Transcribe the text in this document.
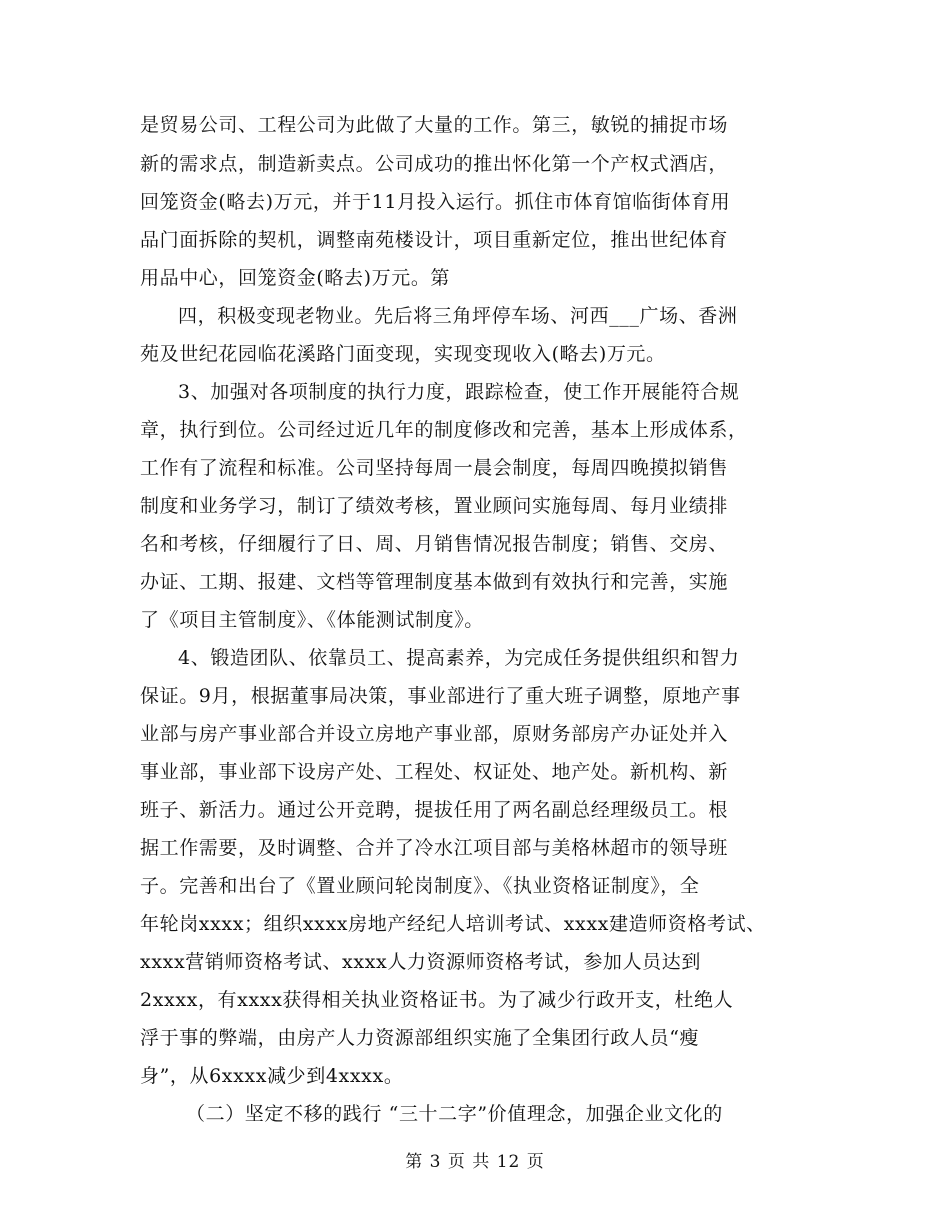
是贸易公司、工程公司为此做了大量的工作。第三，敏锐的捕捉市场
新的需求点，制造新卖点。公司成功的推出怀化第一个产权式酒店，
回笼资金(略去)万元，并于11月投入运行。抓住市体育馆临街体育用
品门面拆除的契机，调整南苑楼设计，项目重新定位，推出世纪体育
用品中心，回笼资金(略去)万元。第
四，积极变现老物业。先后将三角坪停车场、河西___广场、香洲
苑及世纪花园临花溪路门面变现，实现变现收入(略去)万元。
3、加强对各项制度的执行力度，跟踪检查，使工作开展能符合规
章，执行到位。公司经过近几年的制度修改和完善，基本上形成体系，
工作有了流程和标准。公司坚持每周一晨会制度，每周四晚摸拟销售
制度和业务学习，制订了绩效考核，置业顾问实施每周、每月业绩排
名和考核，仔细履行了日、周、月销售情况报告制度；销售、交房、
办证、工期、报建、文档等管理制度基本做到有效执行和完善，实施
了《项目主管制度》、《体能测试制度》。
4、锻造团队、依靠员工、提高素养，为完成任务提供组织和智力
保证。9月，根据董事局决策，事业部进行了重大班子调整，原地产事
业部与房产事业部合并设立房地产事业部，原财务部房产办证处并入
事业部，事业部下设房产处、工程处、权证处、地产处。新机构、新
班子、新活力。通过公开竞聘，提拔任用了两名副总经理级员工。根
据工作需要，及时调整、合并了冷水江项目部与美格林超市的领导班
子。完善和出台了《置业顾问轮岗制度》、《执业资格证制度》，全
年轮岗xxxx；组织xxxx房地产经纪人培训考试、xxxx建造师资格考试、
xxxx营销师资格考试、xxxx人力资源师资格考试，参加人员达到
2xxxx，有xxxx获得相关执业资格证书。为了减少行政开支，杜绝人
浮于事的弊端，由房产人力资源部组织实施了全集团行政人员“瘦
身”，从6xxxx减少到4xxxx。
（二）坚定不移的践行 “三十二字”价值理念，加强企业文化的
第 3 页 共 12 页
